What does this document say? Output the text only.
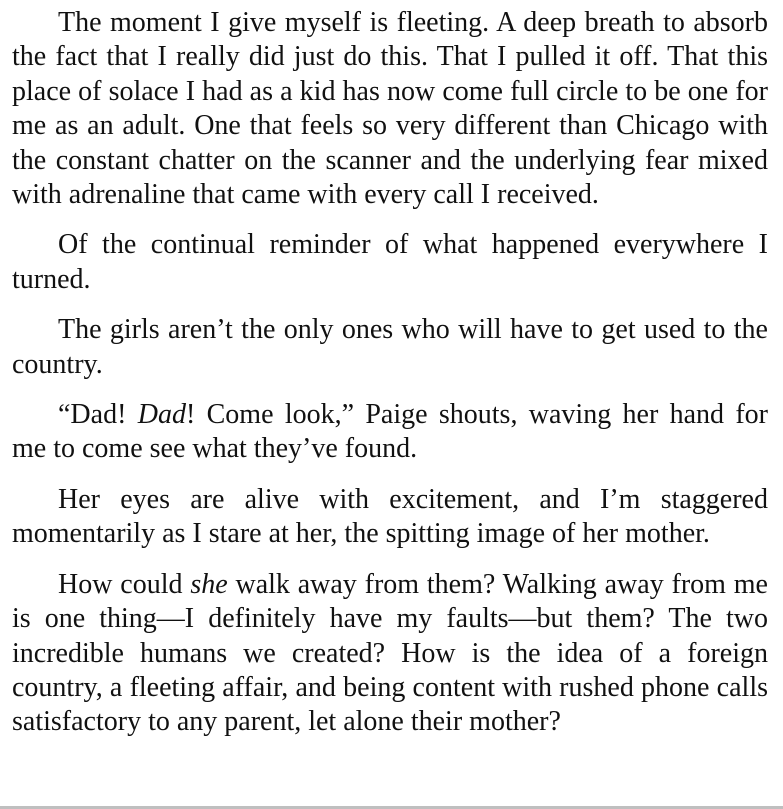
The moment I give myself is fleeting. A deep breath to absorb the fact that I really did just do this. That I pulled it off. That this place of solace I had as a kid has now come full circle to be one for me as an adult. One that feels so very different than Chicago with the constant chatter on the scanner and the underlying fear mixed with adrenaline that came with every call I received.

Of the continual reminder of what happened everywhere I turned.

The girls aren’t the only ones who will have to get used to the country.

“Dad! Dad! Come look,” Paige shouts, waving her hand for me to come see what they’ve found.

Her eyes are alive with excitement, and I’m staggered momentarily as I stare at her, the spitting image of her mother.

How could she walk away from them? Walking away from me is one thing—I definitely have my faults—but them? The two incredible humans we created? How is the idea of a foreign country, a fleeting affair, and being content with rushed phone calls satisfactory to any parent, let alone their mother?
